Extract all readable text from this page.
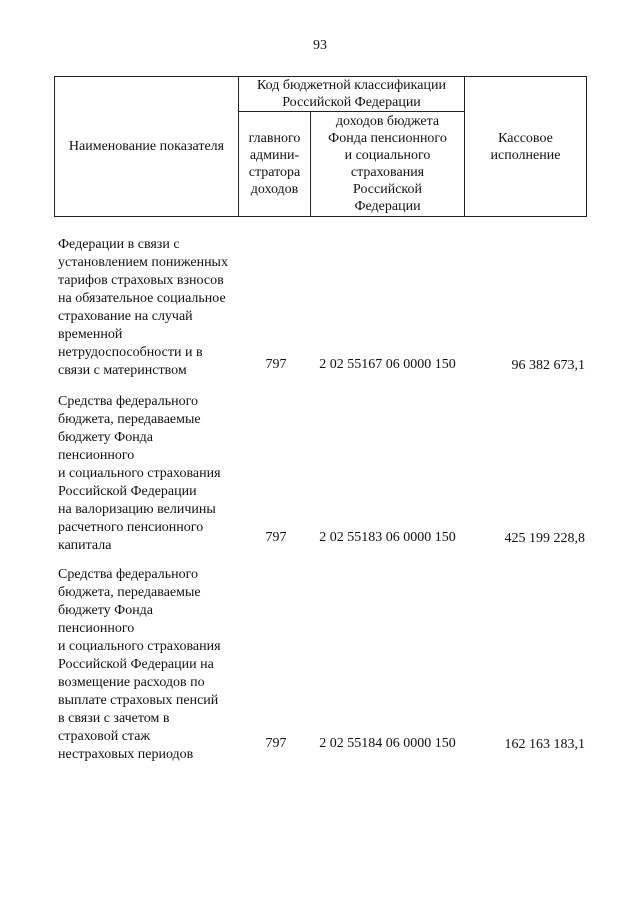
93
Наименование показателя
Код бюджетной классификации
Российской Федерации
главного
админи-
стратора
доходов
доходов бюджета
Фонда пенсионного
и социального
страхования
Российской
Федерации
Кассовое
исполнение
Федерации в связи с
установлением пониженных
тарифов страховых взносов
на обязательное социальное
страхование на случай
временной
нетрудоспособности и в
связи с материнством	797	2 02 55167 06 0000 150	96 382 673,1
Средства федерального
бюджета, передаваемые
бюджету Фонда
пенсионного
и социального страхования
Российской Федерации
на валоризацию величины
расчетного пенсионного
капитала
797	2 02 55183 06 0000 150	425 199 228,8
Средства федерального
бюджета, передаваемые
бюджету Фонда
пенсионного
и социального страхования
Российской Федерации на
возмещение расходов по
выплате страховых пенсий
в связи с зачетом в
страховой стаж
нестраховых периодов
797	2 02 55184 06 0000 150	162 163 183,1
